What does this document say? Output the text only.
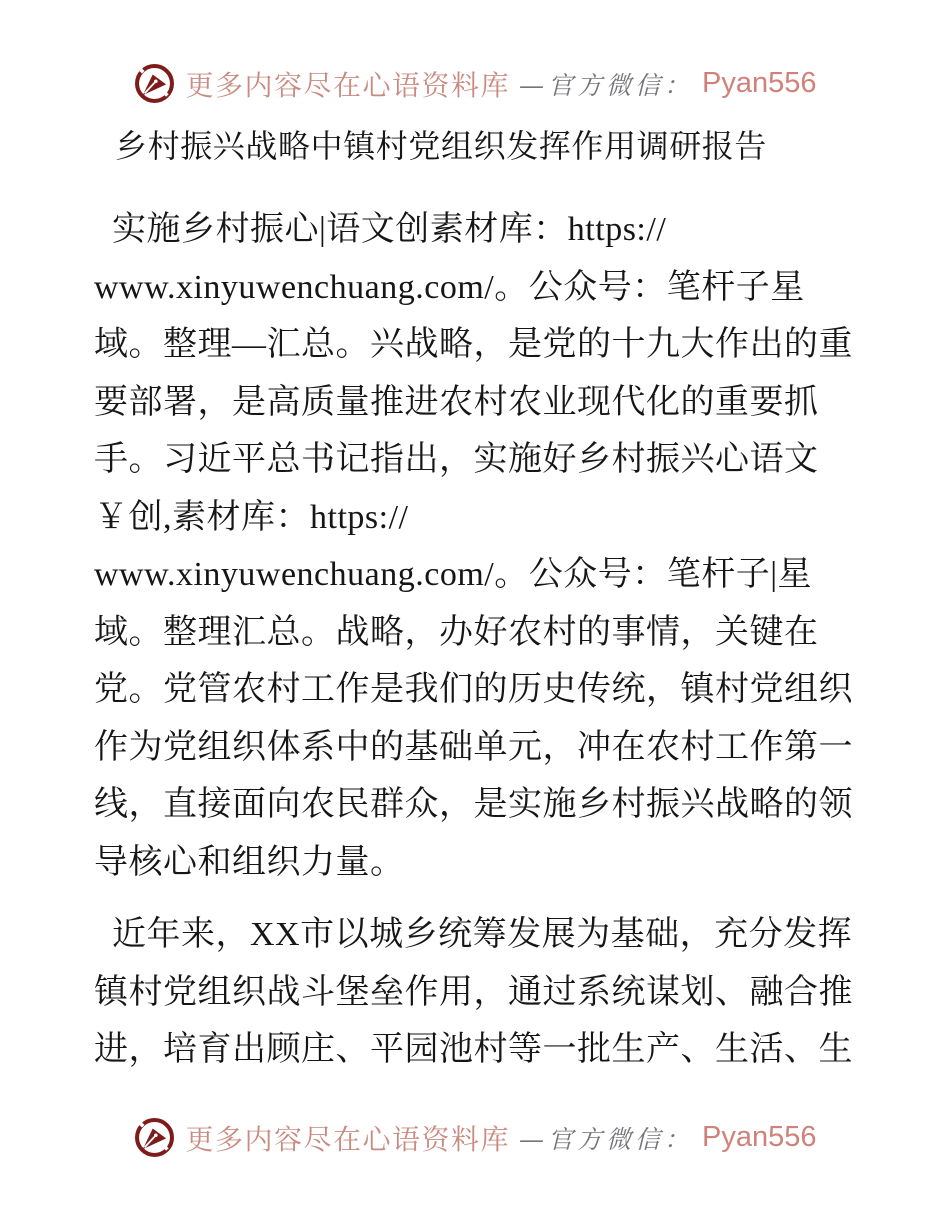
更多内容尽在心语资料库 —官方微信： Pyan556
乡村振兴战略中镇村党组织发挥作用调研报告
实施乡村振心|语文创素材库：https://
www.xinyuwenchuang.com/。公众号：笔杆子星
域。整理—汇总。兴战略，是党的十九大作出的重
要部署，是高质量推进农村农业现代化的重要抓
手。习近平总书记指出，实施好乡村振兴心语文
￥创,素材库：https://
www.xinyuwenchuang.com/。公众号：笔杆子|星
域。整理汇总。战略，办好农村的事情，关键在
党。党管农村工作是我们的历史传统，镇村党组织
作为党组织体系中的基础单元，冲在农村工作第一
线，直接面向农民群众，是实施乡村振兴战略的领
导核心和组织力量。
近年来，XX市以城乡统筹发展为基础，充分发挥
镇村党组织战斗堡垒作用，通过系统谋划、融合推
进，培育出顾庄、平园池村等一批生产、生活、生
更多内容尽在心语资料库 —官方微信： Pyan556
